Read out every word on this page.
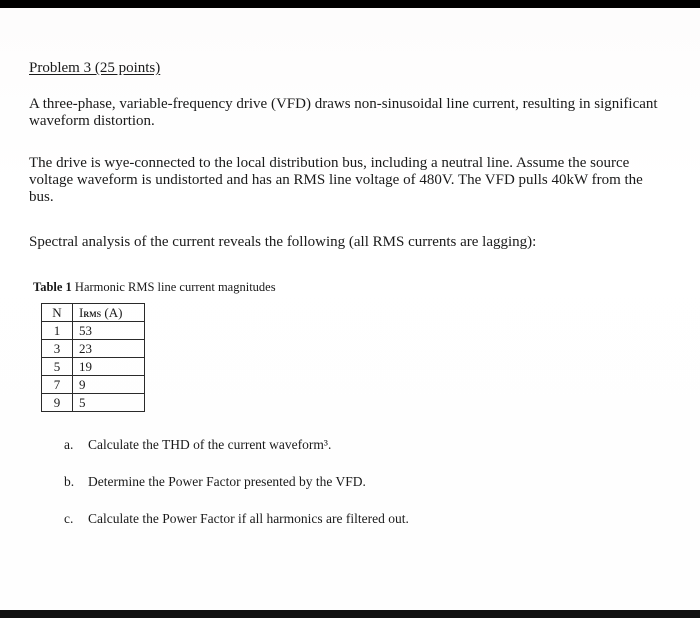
Problem 3 (25 points)
A three-phase, variable-frequency drive (VFD) draws non-sinusoidal line current, resulting in significant waveform distortion.
The drive is wye-connected to the local distribution bus, including a neutral line. Assume the source voltage waveform is undistorted and has an RMS line voltage of 480V. The VFD pulls 40kW from the bus.
Spectral analysis of the current reveals the following (all RMS currents are lagging):
Table 1 Harmonic RMS line current magnitudes
N	IRMS (A)
1	53
3	23
5	19
7	9
9	5
a. Calculate the THD of the current waveform³.
b. Determine the Power Factor presented by the VFD.
c. Calculate the Power Factor if all harmonics are filtered out.
